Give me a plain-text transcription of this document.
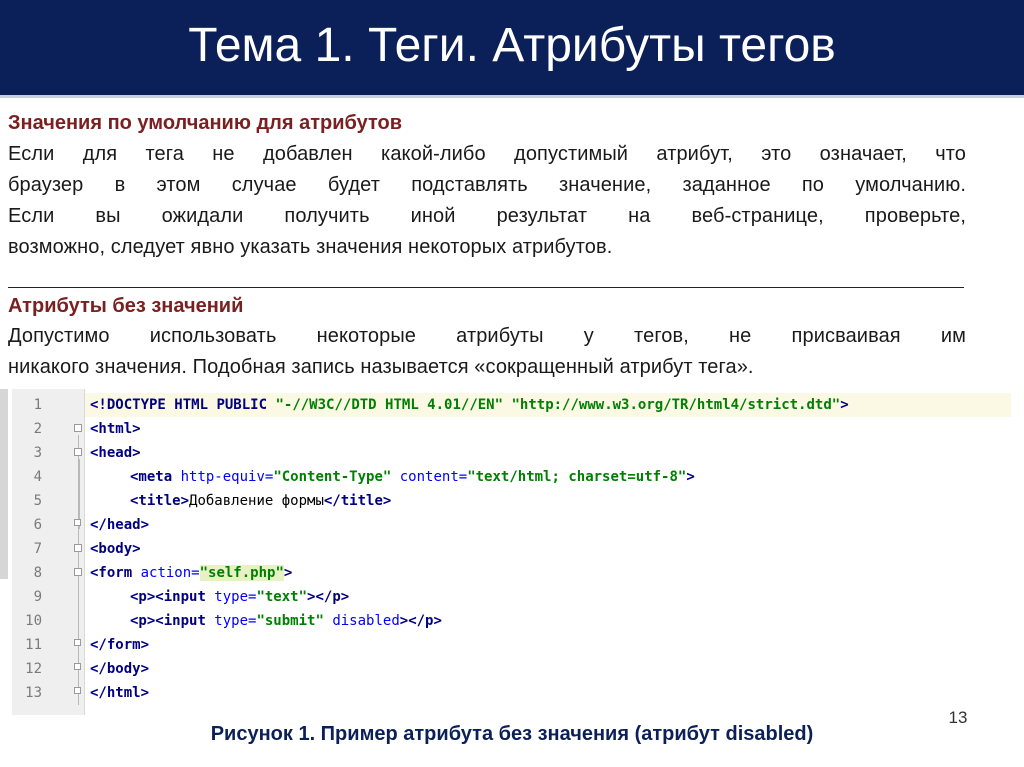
Тема 1. Теги. Атрибуты тегов
Значения по умолчанию для атрибутов
Если для тега не добавлен какой-либо допустимый атрибут, это означает, что
браузер в этом случае будет подставлять значение, заданное по умолчанию.
Если вы ожидали получить иной результат на веб-странице, проверьте,
возможно, следует явно указать значения некоторых атрибутов.
Атрибуты без значений
Допустимо использовать некоторые атрибуты у тегов, не присваивая им
никакого значения. Подобная запись называется «сокращенный атрибут тега».
1	<!DOCTYPE HTML PUBLIC "-//W3C//DTD HTML 4.01//EN" "http://www.w3.org/TR/html4/strict.dtd">
2	<html>
3	<head>
4	<meta http-equiv="Content-Type" content="text/html; charset=utf-8">
5	<title>Добавление формы</title>
6	</head>
7	<body>
8	<form action="self.php">
9	<p><input type="text"></p>
10	<p><input type="submit" disabled></p>
11	</form>
12	</body>
13	</html>
13
Рисунок 1. Пример атрибута без значения (атрибут disabled)
